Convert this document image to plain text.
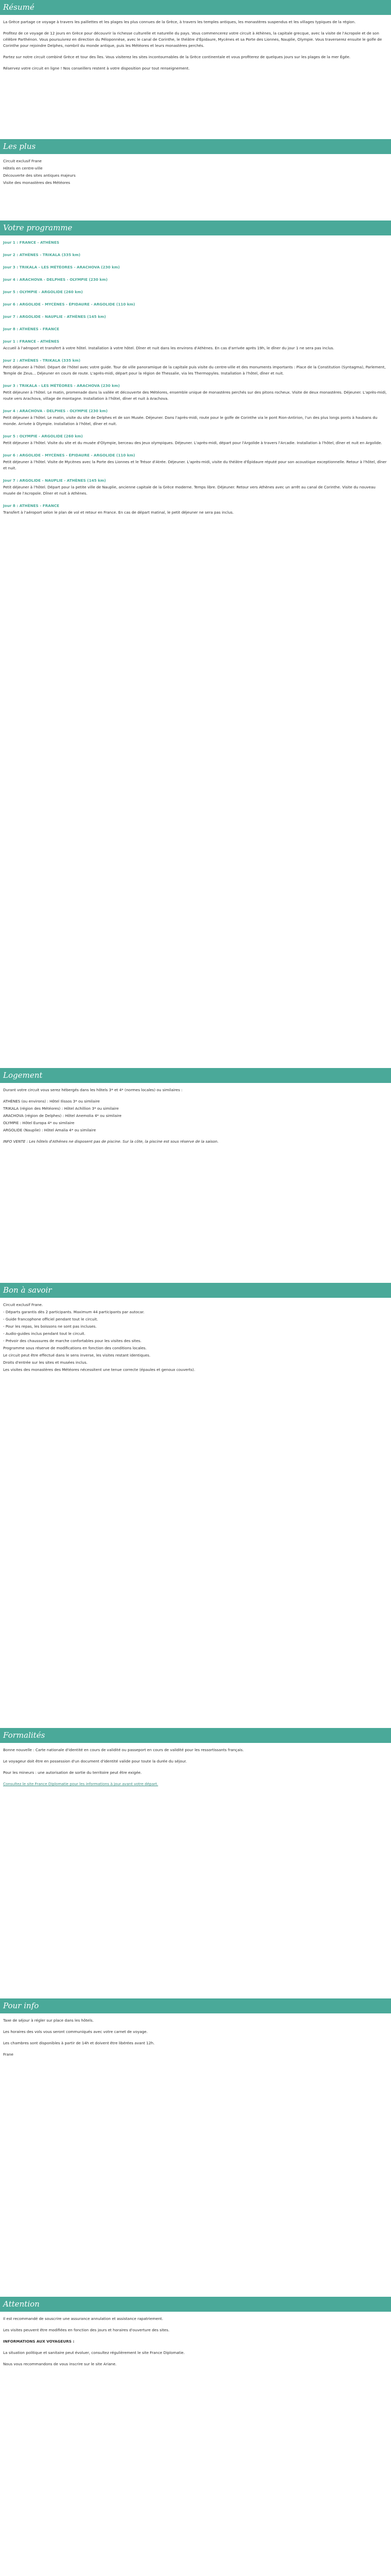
Résumé

La Grèce partage ce voyage à travers les paillettes et les plages les plus connues de la Grèce, à travers les temples antiques, les monastères suspendus et les villages typiques de la région.

Profitez de ce voyage de 12 jours en Grèce pour découvrir la richesse culturelle et naturelle du pays. Vous commencerez votre circuit à Athènes, la capitale grecque, avec la visite de l'Acropole et de son célèbre Parthénon. Vous poursuivrez en direction du Péloponnèse, avec le canal de Corinthe, le théâtre d'Épidaure, Mycènes et sa Porte des Lionnes, Nauplie, Olympie. Vous traverserez ensuite le golfe de Corinthe pour rejoindre Delphes, nombril du monde antique, puis les Météores et leurs monastères perchés.

Partez sur notre circuit combiné Grèce et tour des îles. Vous visiterez les sites incontournables de la Grèce continentale et vous profiterez de quelques jours sur les plages de la mer Égée.

Réservez votre circuit en ligne ! Nos conseillers restent à votre disposition pour tout renseignement.

Les plus
Circuit exclusif Frane
Hôtels en centre-ville
Découverte des sites antiques majeurs
Visite des monastères des Météores
Votre programme
Jour 1 : FRANCE - ATHÈNES
Jour 2 : ATHÈNES - TRIKALA (335 km)
Jour 3 : TRIKALA - LES MÉTÉORES - ARACHOVA (230 km)
Jour 4 : ARACHOVA - DELPHES - OLYMPIE (230 km)
Jour 5 : OLYMPIE - ARGOLIDE (260 km)
Jour 6 : ARGOLIDE - MYCÈNES - ÉPIDAURE - ARGOLIDE (110 km)
Jour 7 : ARGOLIDE - NAUPLIE - ATHÈNES (145 km)
Jour 8 : ATHÈNES - FRANCE
Jour 1 : FRANCE - ATHÈNES
Accueil à l'aéroport et transfert à votre hôtel. Installation à votre hôtel. Dîner et nuit dans les environs d'Athènes. En cas d'arrivée après 19h, le dîner du jour 1 ne sera pas inclus.
Jour 2 : ATHÈNES - TRIKALA (335 km)
Petit déjeuner à l'hôtel. Départ de l'hôtel avec votre guide. Tour de ville panoramique de la capitale puis visite du centre-ville et des monuments importants : Place de la Constitution (Syntagma), Parlement, Temple de Zeus... Déjeuner en cours de route. L'après-midi, départ pour la région de Thessalie, via les Thermopyles. Installation à l'hôtel, dîner et nuit.
Jour 3 : TRIKALA - LES MÉTÉORES - ARACHOVA (230 km)
Petit déjeuner à l'hôtel. Le matin, promenade dans la vallée et découverte des Météores, ensemble unique de monastères perchés sur des pitons rocheux. Visite de deux monastères. Déjeuner. L'après-midi, route vers Arachova, village de montagne. Installation à l'hôtel, dîner et nuit à Arachova.
Jour 4 : ARACHOVA - DELPHES - OLYMPIE (230 km)
Petit déjeuner à l'hôtel. Le matin, visite du site de Delphes et de son Musée. Déjeuner. Dans l'après-midi, route pour le golfe de Corinthe via le pont Rion-Antirion, l'un des plus longs ponts à haubans du monde. Arrivée à Olympie. Installation à l'hôtel, dîner et nuit.
Jour 5 : OLYMPIE - ARGOLIDE (260 km)
Petit déjeuner à l'hôtel. Visite du site et du musée d'Olympie, berceau des Jeux olympiques. Déjeuner. L'après-midi, départ pour l'Argolide à travers l'Arcadie. Installation à l'hôtel, dîner et nuit en Argolide.
Jour 6 : ARGOLIDE - MYCÈNES - ÉPIDAURE - ARGOLIDE (110 km)
Petit déjeuner à l'hôtel. Visite de Mycènes avec la Porte des Lionnes et le Trésor d'Atrée. Déjeuner. L'après-midi, visite du théâtre d'Épidaure réputé pour son acoustique exceptionnelle. Retour à l'hôtel, dîner et nuit.
Jour 7 : ARGOLIDE - NAUPLIE - ATHÈNES (145 km)
Petit déjeuner à l'hôtel. Départ pour la petite ville de Nauplie, ancienne capitale de la Grèce moderne. Temps libre. Déjeuner. Retour vers Athènes avec un arrêt au canal de Corinthe. Visite du nouveau musée de l'Acropole. Dîner et nuit à Athènes.
Jour 8 : ATHÈNES - FRANCE
Transfert à l'aéroport selon le plan de vol et retour en France. En cas de départ matinal, le petit déjeuner ne sera pas inclus.
Logement

Durant votre circuit vous serez hébergés dans les hôtels 3* et 4* (normes locales) ou similaires :

ATHÈNES (ou environs) : Hôtel Ilissos 3* ou similaire
TRIKALA (région des Météores) : Hôtel Achillion 3* ou similaire
ARACHOVA (région de Delphes) : Hôtel Anemolia 4* ou similaire
OLYMPIE : Hôtel Europa 4* ou similaire
ARGOLIDE (Nauplie) : Hôtel Amalia 4* ou similaire

INFO VENTE : Les hôtels d'Athènes ne disposent pas de piscine. Sur la côte, la piscine est sous réserve de la saison.

Bon à savoir
Circuit exclusif Frane.
- Départs garantis dès 2 participants. Maximum 44 participants par autocar.
- Guide francophone officiel pendant tout le circuit.
- Pour les repas, les boissons ne sont pas incluses.
- Audio-guides inclus pendant tout le circuit.
- Prévoir des chaussures de marche confortables pour les visites des sites.
Programme sous réserve de modifications en fonction des conditions locales.
Le circuit peut être effectué dans le sens inverse, les visites restant identiques.
Droits d'entrée sur les sites et musées inclus.
Les visites des monastères des Météores nécessitent une tenue correcte (épaules et genoux couverts).
Formalités

Bonne nouvelle : Carte nationale d'identité en cours de validité ou passeport en cours de validité pour les ressortissants français.

Le voyageur doit être en possession d'un document d'identité valide pour toute la durée du séjour.

Pour les mineurs : une autorisation de sortie du territoire peut être exigée.

Consultez le site France Diplomatie pour les informations à jour avant votre départ.

Pour info

Taxe de séjour à régler sur place dans les hôtels.

Les horaires des vols vous seront communiqués avec votre carnet de voyage.

Les chambres sont disponibles à partir de 14h et doivent être libérées avant 12h.

Frane

Attention

Il est recommandé de souscrire une assurance annulation et assistance rapatriement.

Les visites peuvent être modifiées en fonction des jours et horaires d'ouverture des sites.

INFORMATIONS AUX VOYAGEURS :

La situation politique et sanitaire peut évoluer, consultez régulièrement le site France Diplomatie.

Nous vous recommandons de vous inscrire sur le site Ariane.
